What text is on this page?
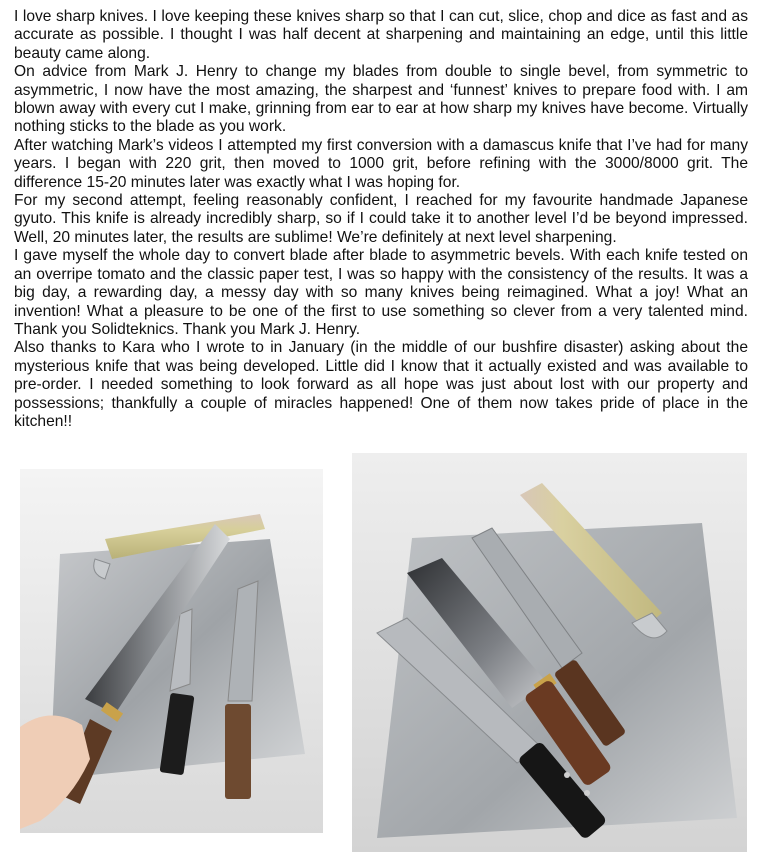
I love sharp knives. I love keeping these knives sharp so that I can cut, slice, chop and dice as fast and as accurate as possible. I thought I was half decent at sharpening and maintaining an edge, until this little beauty came along.

On advice from Mark J. Henry to change my blades from double to single bevel, from symmetric to asymmetric, I now have the most amazing, the sharpest and ‘funnest’ knives to prepare food with. I am blown away with every cut I make, grinning from ear to ear at how sharp my knives have become. Virtually nothing sticks to the blade as you work.

After watching Mark’s videos I attempted my first conversion with a damascus knife that I’ve had for many years. I began with 220 grit, then moved to 1000 grit, before refining with the 3000/8000 grit. The difference 15-20 minutes later was exactly what I was hoping for.

For my second attempt, feeling reasonably confident, I reached for my favourite handmade Japanese gyuto. This knife is already incredibly sharp, so if I could take it to another level I’d be beyond impressed. Well, 20 minutes later, the results are sublime! We’re definitely at next level sharpening.

I gave myself the whole day to convert blade after blade to asymmetric bevels. With each knife tested on an overripe tomato and the classic paper test, I was so happy with the consistency of the results. It was a big day, a rewarding day, a messy day with so many knives being reimagined. What a joy! What an invention! What a pleasure to be one of the first to use something so clever from a very talented mind. Thank you Solidteknics. Thank you Mark J. Henry.

Also thanks to Kara who I wrote to in January (in the middle of our bushfire disaster) asking about the mysterious knife that was being developed. Little did I know that it actually existed and was available to pre-order. I needed something to look forward as all hope was just about lost with our property and possessions; thankfully a couple of miracles happened! One of them now takes pride of place in the kitchen!!
